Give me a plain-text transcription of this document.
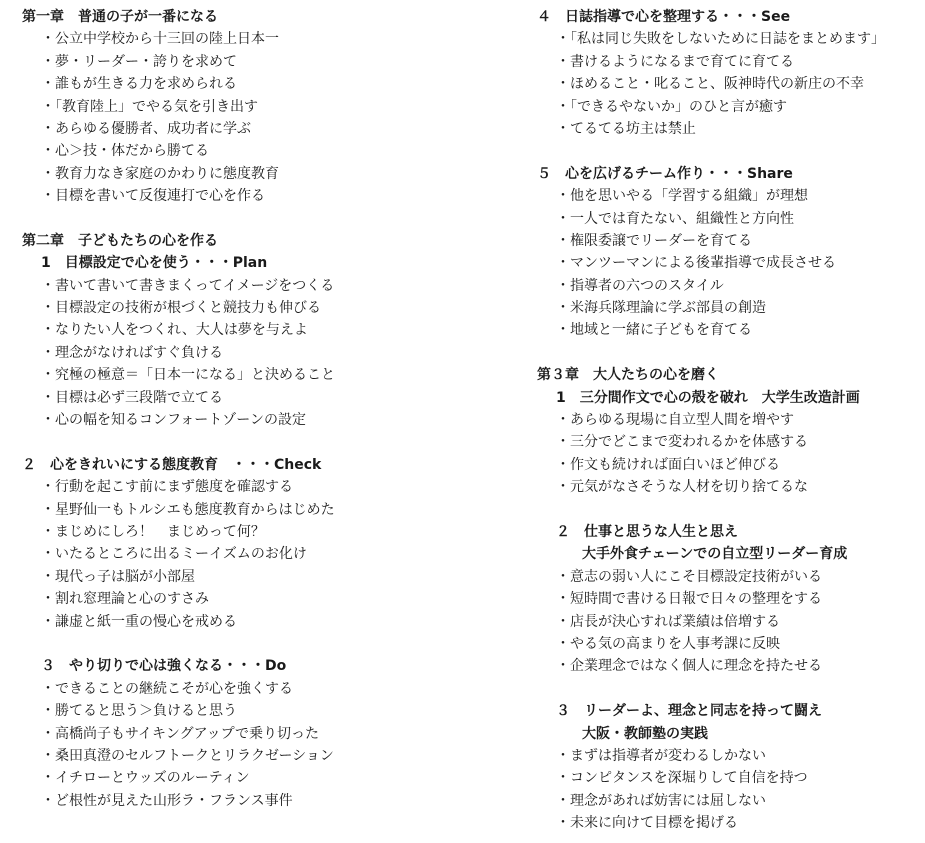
第一章　普通の子が一番になる
・公立中学校から十三回の陸上日本一
・夢・リーダー・誇りを求めて
・誰もが生きる力を求められる
・「教育陸上」でやる気を引き出す
・あらゆる優勝者、成功者に学ぶ
・心＞技・体だから勝てる
・教育力なき家庭のかわりに態度教育
・目標を書いて反復連打で心を作る
第二章　子どもたちの心を作る
1　目標設定で心を使う・・・Plan
・書いて書いて書きまくってイメージをつくる
・目標設定の技術が根づくと競技力も伸びる
・なりたい人をつくれ、大人は夢を与えよ
・理念がなければすぐ負ける
・究極の極意＝「日本一になる」と決めること
・目標は必ず三段階で立てる
・心の幅を知るコンフォートゾーンの設定
２　心をきれいにする態度教育　・・・Check
・行動を起こす前にまず態度を確認する
・星野仙一もトルシエも態度教育からはじめた
・まじめにしろ！　まじめって何？
・いたるところに出るミーイズムのお化け
・現代っ子は脳が小部屋
・割れ窓理論と心のすさみ
・謙虚と紙一重の慢心を戒める
３　やり切りで心は強くなる・・・Do
・できることの継続こそが心を強くする
・勝てると思う＞負けると思う
・高橋尚子もサイキングアップで乗り切った
・桑田真澄のセルフトークとリラクゼーション
・イチローとウッズのルーティン
・ど根性が見えた山形ラ・フランス事件
４　日誌指導で心を整理する・・・See
・「私は同じ失敗をしないために日誌をまとめます」
・書けるようになるまで育てに育てる
・ほめること・叱ること、阪神時代の新庄の不幸
・「できるやないか」のひと言が癒す
・てるてる坊主は禁止
５　心を広げるチーム作り・・・Share
・他を思いやる「学習する組織」が理想
・一人では育たない、組織性と方向性
・権限委譲でリーダーを育てる
・マンツーマンによる後輩指導で成長させる
・指導者の六つのスタイル
・米海兵隊理論に学ぶ部員の創造
・地域と一緒に子どもを育てる
第３章　大人たちの心を磨く
1　三分間作文で心の殻を破れ　大学生改造計画
・あらゆる現場に自立型人間を増やす
・三分でどこまで変われるかを体感する
・作文も続ければ面白いほど伸びる
・元気がなさそうな人材を切り捨てるな
２　仕事と思うな人生と思え
大手外食チェーンでの自立型リーダー育成
・意志の弱い人にこそ目標設定技術がいる
・短時間で書ける日報で日々の整理をする
・店長が決心すれば業績は倍増する
・やる気の高まりを人事考課に反映
・企業理念ではなく個人に理念を持たせる
３　リーダーよ、理念と同志を持って闘え
大阪・教師塾の実践
・まずは指導者が変わるしかない
・コンピタンスを深堀りして自信を持つ
・理念があれば妨害には屈しない
・未来に向けて目標を掲げる
